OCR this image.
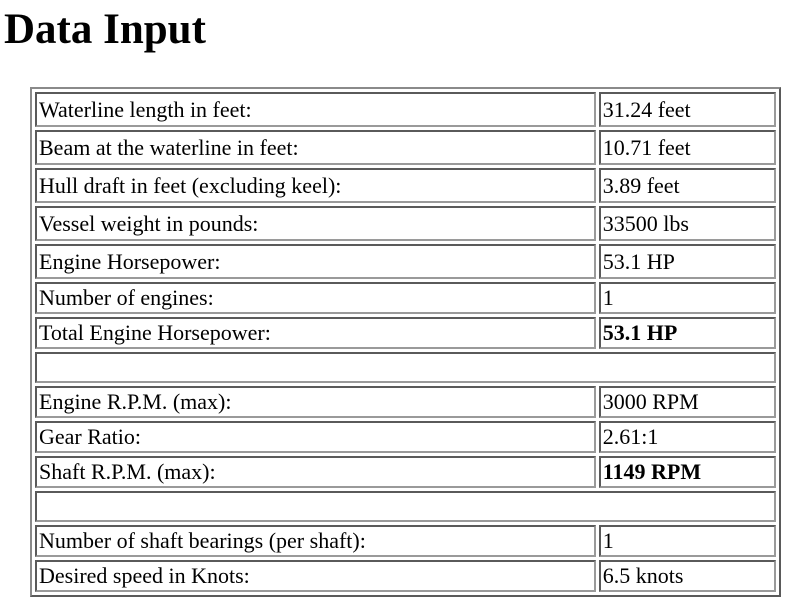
Data Input
Waterline length in feet:	31.24 feet
Beam at the waterline in feet:	10.71 feet
Hull draft in feet (excluding keel):	3.89 feet
Vessel weight in pounds:	33500 lbs
Engine Horsepower:	53.1 HP
Number of engines:	1
Total Engine Horsepower:	53.1 HP

Engine R.P.M. (max):	3000 RPM
Gear Ratio:	2.61:1
Shaft R.P.M. (max):	1149 RPM

Number of shaft bearings (per shaft):	1
Desired speed in Knots:	6.5 knots
